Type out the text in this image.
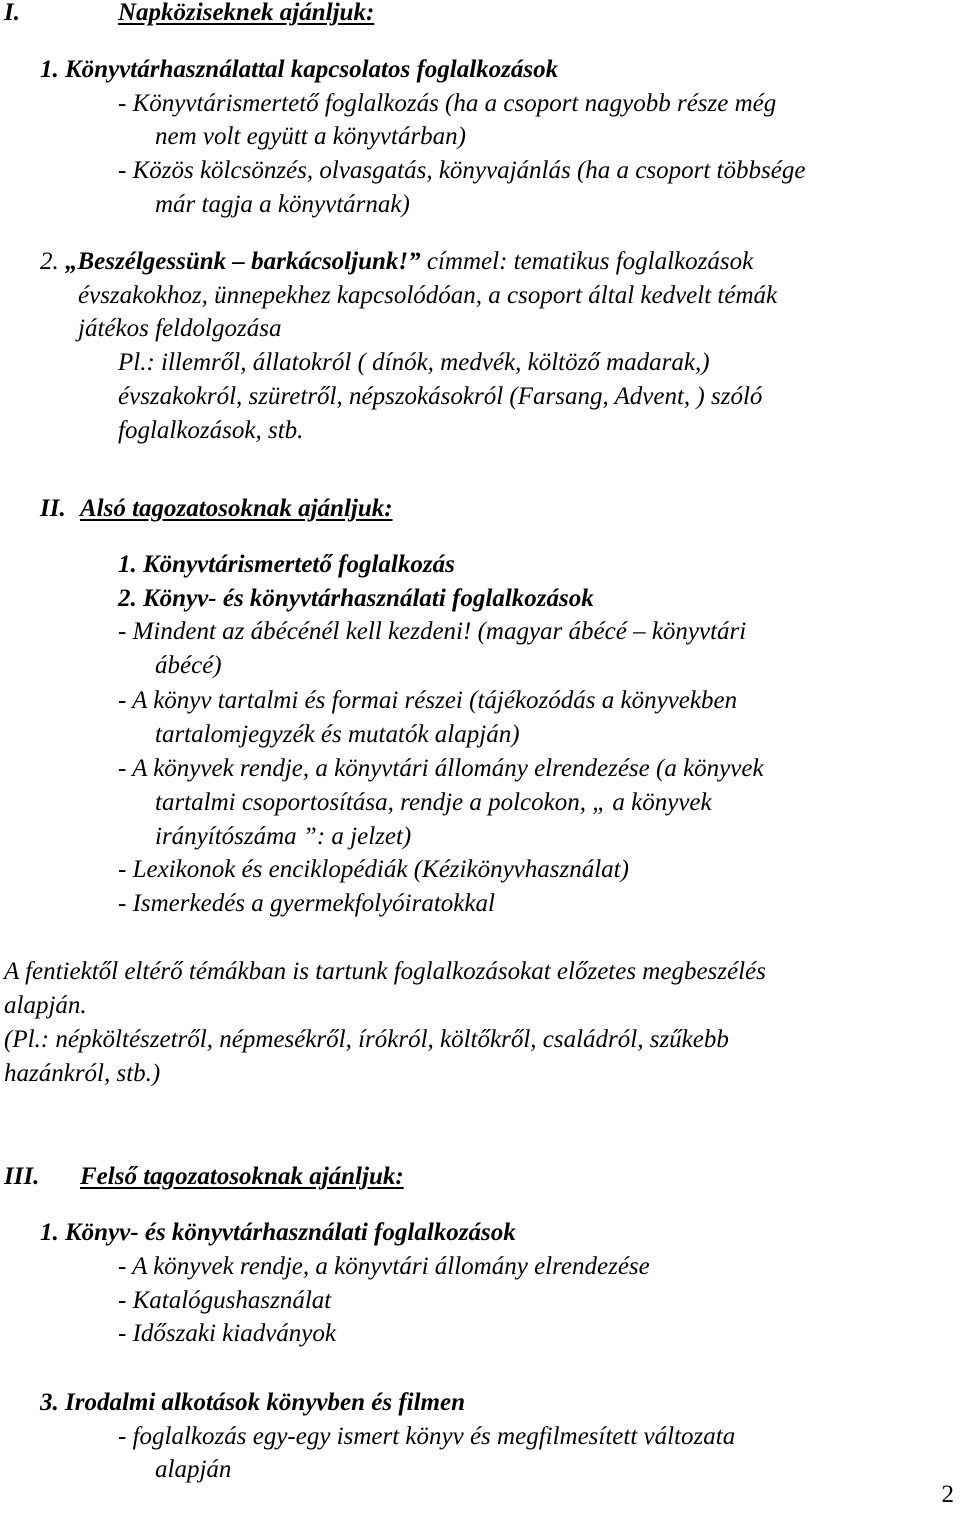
I.	Napköziseknek ajánljuk:
1. Könyvtárhasználattal kapcsolatos foglalkozások
- Könyvtárismertető foglalkozás (ha a csoport nagyobb része még
nem volt együtt a könyvtárban)
- Közös kölcsönzés, olvasgatás, könyvajánlás (ha a csoport többsége
már tagja a könyvtárnak)
2. „Beszélgessünk – barkácsoljunk!” címmel: tematikus foglalkozások
évszakokhoz, ünnepekhez kapcsolódóan, a csoport által kedvelt témák
játékos feldolgozása
Pl.: illemről, állatokról ( dínók, medvék, költöző madarak,)
évszakokról, szüretről, népszokásokról (Farsang, Advent, ) szóló
foglalkozások, stb.
II. Alsó tagozatosoknak ajánljuk:
1. Könyvtárismertető foglalkozás
2. Könyv- és könyvtárhasználati foglalkozások
- Mindent az ábécénél kell kezdeni! (magyar ábécé – könyvtári
ábécé)
- A könyv tartalmi és formai részei (tájékozódás a könyvekben
tartalomjegyzék és mutatók alapján)
- A könyvek rendje, a könyvtári állomány elrendezése (a könyvek
tartalmi csoportosítása, rendje a polcokon, „ a könyvek
irányítószáma ”: a jelzet)
- Lexikonok és enciklopédiák (Kézikönyvhasználat)
- Ismerkedés a gyermekfolyóiratokkal
A fentiektől eltérő témákban is tartunk foglalkozásokat előzetes megbeszélés
alapján.
(Pl.: népköltészetről, népmesékről, írókról, költőkről, családról, szűkebb
hazánkról, stb.)
III. Felső tagozatosoknak ajánljuk:
1. Könyv- és könyvtárhasználati foglalkozások
- A könyvek rendje, a könyvtári állomány elrendezése
- Katalógushasználat
- Időszaki kiadványok
3. Irodalmi alkotások könyvben és filmen
- foglalkozás egy-egy ismert könyv és megfilmesített változata
alapján
2
